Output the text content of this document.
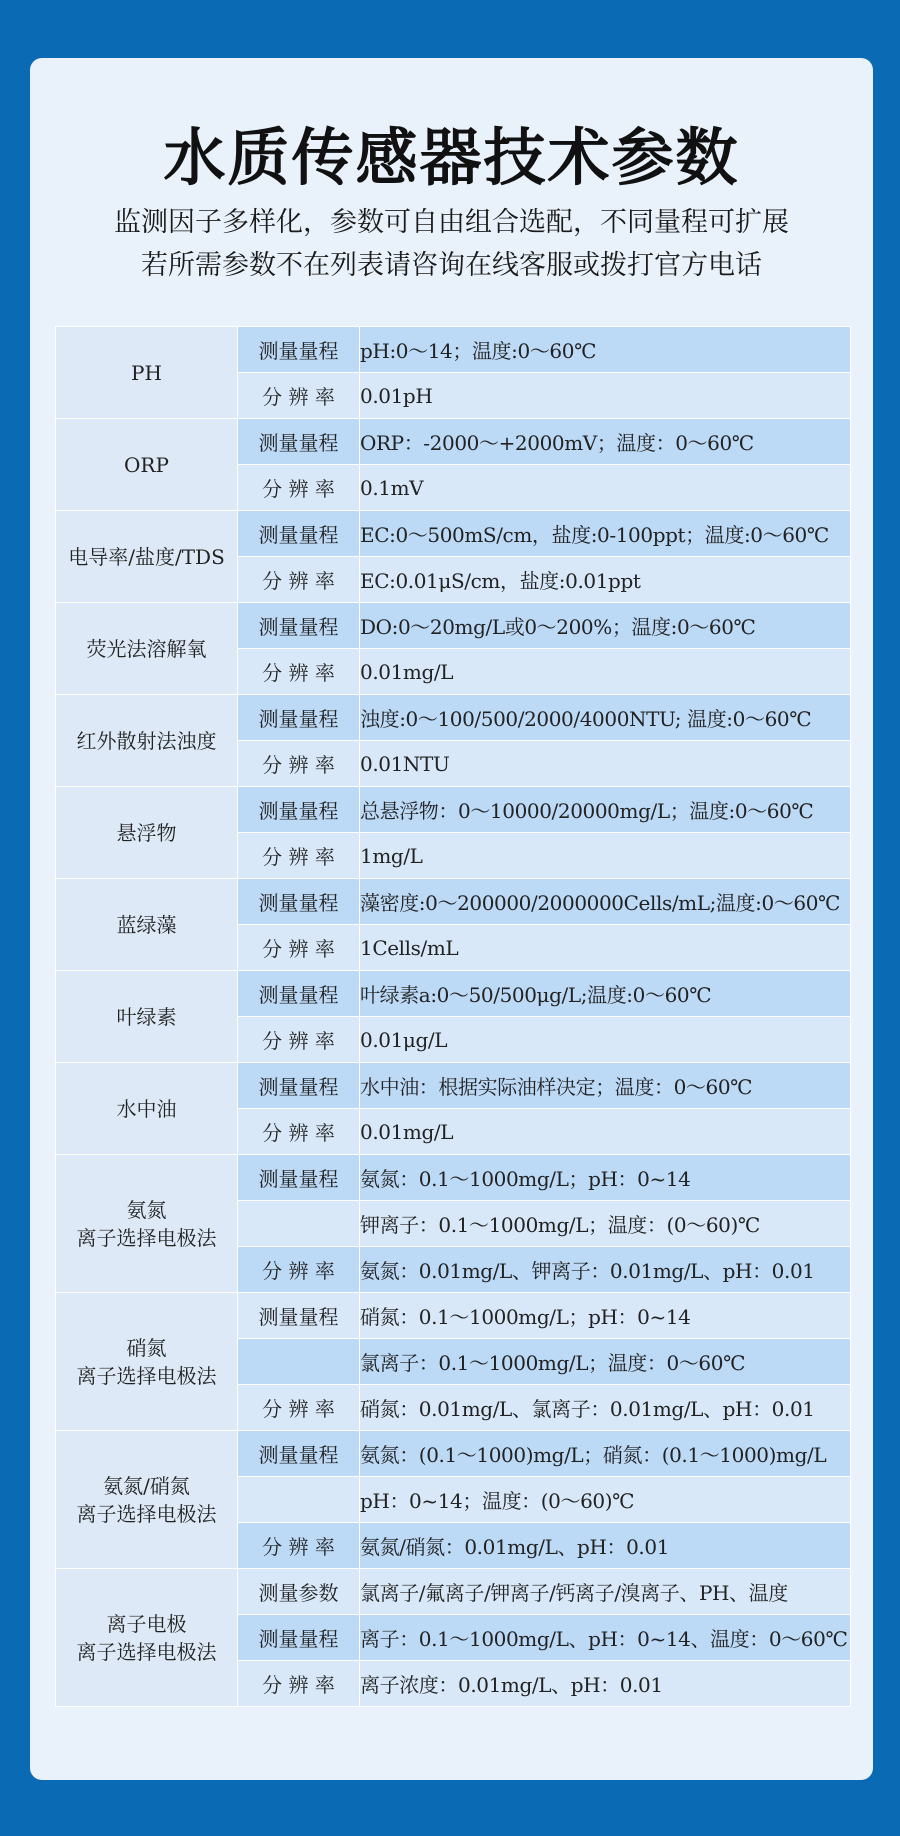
水质传感器技术参数
监测因子多样化，参数可自由组合选配，不同量程可扩展
若所需参数不在列表请咨询在线客服或拨打官方电话
PH	测量量程	pH:0～14；温度:0～60℃
	分 辨 率	0.01pH

ORP	测量量程	ORP：-2000～+2000mV；温度：0～60℃
	分 辨 率	0.1mV

电导率/盐度/TDS	测量量程	EC:0～500mS/cm，盐度:0-100ppt；温度:0～60℃
	分 辨 率	EC:0.01μS/cm，盐度:0.01ppt

荧光法溶解氧	测量量程	DO:0～20mg/L或0～200%；温度:0～60℃
	分 辨 率	0.01mg/L

红外散射法浊度	测量量程	浊度:0～100/500/2000/4000NTU; 温度:0～60℃
	分 辨 率	0.01NTU

悬浮物	测量量程	总悬浮物：0～10000/20000mg/L；温度:0～60℃
	分 辨 率	1mg/L

蓝绿藻	测量量程	藻密度:0～200000/2000000Cells/mL;温度:0～60℃
	分 辨 率	1Cells/mL

叶绿素	测量量程	叶绿素a:0～50/500μg/L;温度:0～60℃
	分 辨 率	0.01μg/L

水中油	测量量程	水中油：根据实际油样决定；温度：0～60℃
	分 辨 率	0.01mg/L

氨氮
离子选择电极法	测量量程	氨氮：0.1～1000mg/L；pH：0~14
		钾离子：0.1～1000mg/L；温度：(0～60)℃
	分 辨 率	氨氮：0.01mg/L、钾离子：0.01mg/L、pH：0.01

硝氮
离子选择电极法	测量量程	硝氮：0.1～1000mg/L；pH：0~14
		氯离子：0.1～1000mg/L；温度：0～60℃
	分 辨 率	硝氮：0.01mg/L、氯离子：0.01mg/L、pH：0.01

氨氮/硝氮
离子选择电极法	测量量程	氨氮：(0.1～1000)mg/L；硝氮：(0.1～1000)mg/L
		pH：0~14；温度：(0～60)℃
	分 辨 率	氨氮/硝氮：0.01mg/L、pH：0.01

离子电极
离子选择电极法	测量参数	氯离子/氟离子/钾离子/钙离子/溴离子、PH、温度
	测量量程	离子：0.1～1000mg/L、pH：0~14、温度：0～60℃
	分 辨 率	离子浓度：0.01mg/L、pH：0.01
